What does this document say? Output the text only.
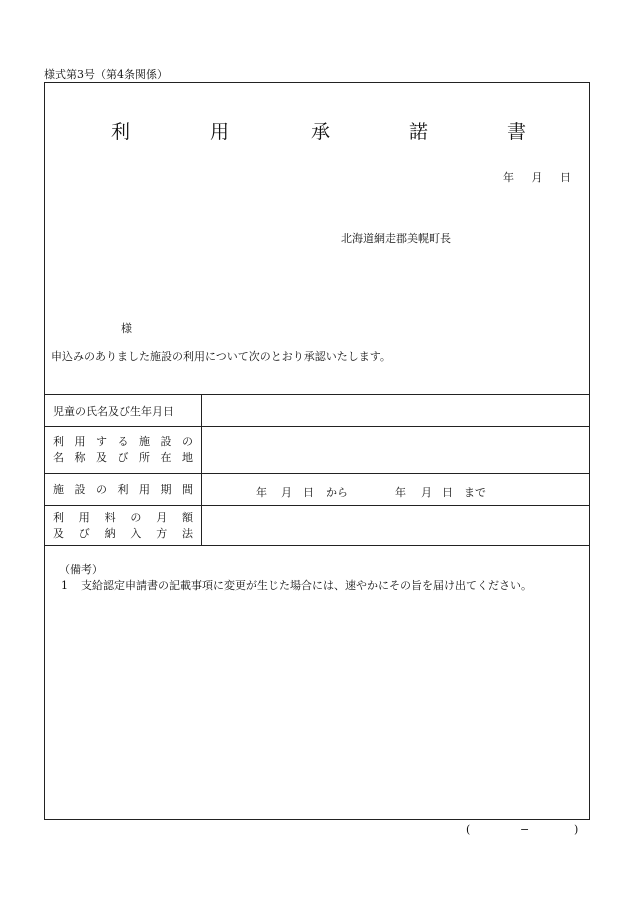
様式第3号（第4条関係）
利	用	承	諾	書
年 月 日
北海道網走郡美幌町長
様
申込みのありました施設の利用について次のとおり承認いたします。
児童の氏名及び生年月日
利 用 す る 施 設 の
名 称 及 び 所 在 地
施 設 の 利 用 期 間	年 月 日 から	年 月 日 まで
利 用 料 の 月 額
及 び 納 入 方 法
（備考）
1 支給認定申請書の記載事項に変更が生じた場合には、速やかにその旨を届け出てください。
(	−	)
